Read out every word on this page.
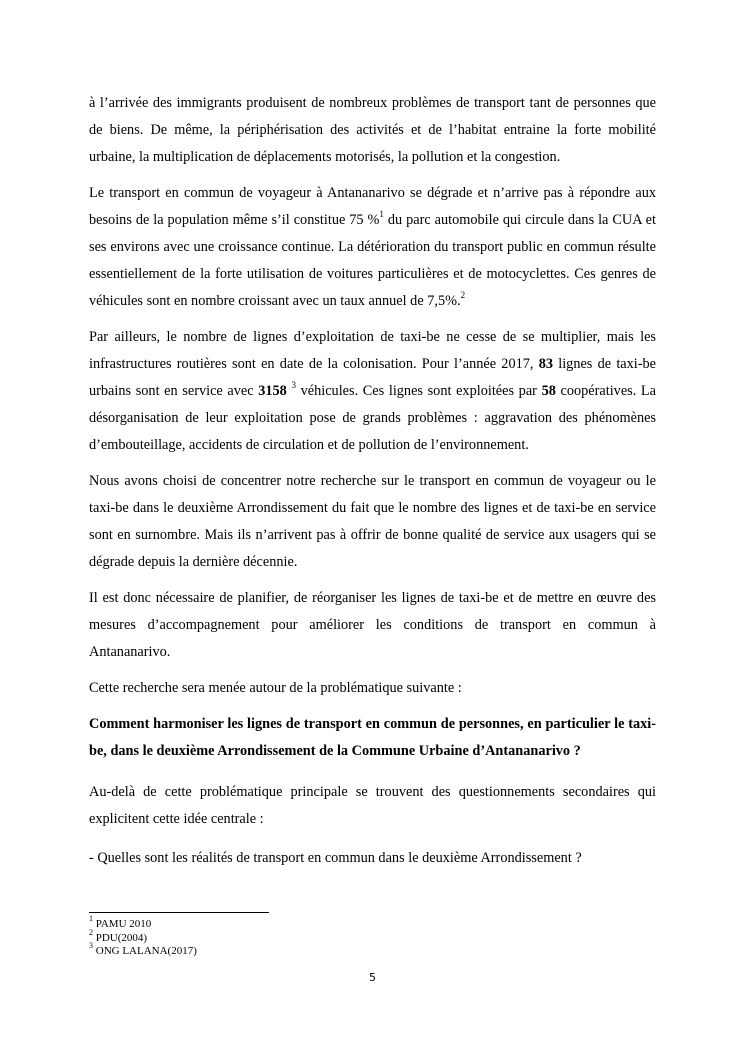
à l’arrivée des immigrants produisent de nombreux problèmes de transport tant de personnes que de biens. De même, la périphérisation des activités et de l’habitat entraine la forte mobilité urbaine, la multiplication de déplacements motorisés, la pollution et la congestion.

Le transport en commun de voyageur à Antananarivo se dégrade et n’arrive pas à répondre aux besoins de la population même s’il constitue 75 %$^1$ du parc automobile qui circule dans la CUA et ses environs avec une croissance continue. La détérioration du transport public en commun résulte essentiellement de la forte utilisation de voitures particulières et de motocyclettes. Ces genres de véhicules sont en nombre croissant avec un taux annuel de 7,5%.$^2$

Par ailleurs, le nombre de lignes d’exploitation de taxi-be ne cesse de se multiplier, mais les infrastructures routières sont en date de la colonisation. Pour l’année 2017, 83 lignes de taxi-be urbains sont en service avec 3158 $^3$ véhicules. Ces lignes sont exploitées par 58 coopératives. La désorganisation de leur exploitation pose de grands problèmes : aggravation des phénomènes d’embouteillage, accidents de circulation et de pollution de l’environnement.

Nous avons choisi de concentrer notre recherche sur le transport en commun de voyageur ou le taxi-be dans le deuxième Arrondissement du fait que le nombre des lignes et de taxi-be en service sont en surnombre. Mais ils n’arrivent pas à offrir de bonne qualité de service aux usagers qui se dégrade depuis la dernière décennie.

Il est donc nécessaire de planifier, de réorganiser les lignes de taxi-be et de mettre en œuvre des mesures d’accompagnement pour améliorer les conditions de transport en commun à Antananarivo.

Cette recherche sera menée autour de la problématique suivante :

Comment harmoniser les lignes de transport en commun de personnes, en particulier le taxi-be, dans le deuxième Arrondissement de la Commune Urbaine d’Antananarivo ?

Au-delà de cette problématique principale se trouvent des questionnements secondaires qui explicitent cette idée centrale :

- Quelles sont les réalités de transport en commun dans le deuxième Arrondissement ?
$^1$ PAMU 2010
$^2$ PDU(2004)
$^3$ ONG LALANA(2017)
5
